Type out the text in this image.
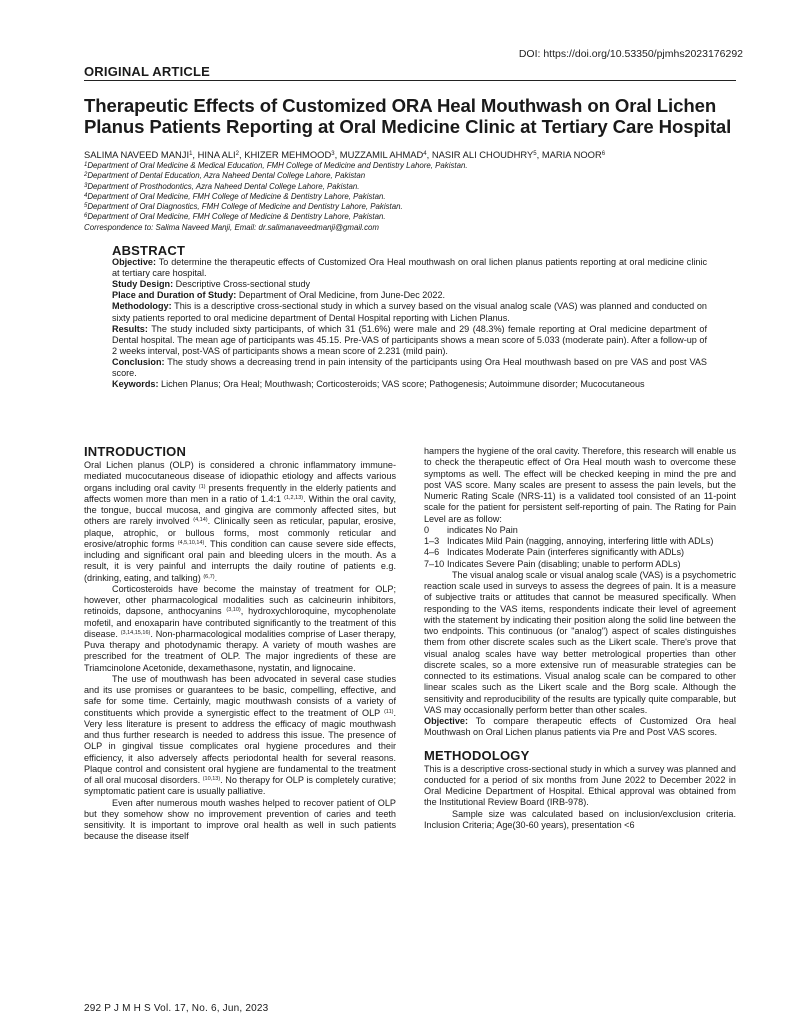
DOI: https://doi.org/10.53350/pjmhs2023176292
ORIGINAL ARTICLE
Therapeutic Effects of Customized ORA Heal Mouthwash on Oral Lichen Planus Patients Reporting at Oral Medicine Clinic at Tertiary Care Hospital
SALIMA NAVEED MANJI$^1$, HINA ALI$^2$, KHIZER MEHMOOD$^3$, MUZZAMIL AHMAD$^4$, NASIR ALI CHOUDHRY$^5$, MARIA NOOR$^6$
$^1$Department of Oral Medicine & Medical Education, FMH College of Medicine and Dentistry Lahore, Pakistan.
$^2$Department of Dental Education, Azra Naheed Dental College Lahore, Pakistan
$^3$Department of Prosthodontics, Azra Naheed Dental College Lahore, Pakistan.
$^4$Department of Oral Medicine, FMH College of Medicine & Dentistry Lahore, Pakistan.
$^5$Department of Oral Diagnostics, FMH College of Medicine and Dentistry Lahore, Pakistan.
$^6$Department of Oral Medicine, FMH College of Medicine & Dentistry Lahore, Pakistan.
Correspondence to: Salima Naveed Manji, Email: dr.salimanaveedmanji@gmail.com
ABSTRACT

Objective: To determine the therapeutic effects of Customized Ora Heal mouthwash on oral lichen planus patients reporting at oral medicine clinic at tertiary care hospital.

Study Design: Descriptive Cross-sectional study

Place and Duration of Study: Department of Oral Medicine, from June-Dec 2022.

Methodology: This is a descriptive cross-sectional study in which a survey based on the visual analog scale (VAS) was planned and conducted on sixty patients reported to oral medicine department of Dental Hospital reporting with Lichen Planus.

Results: The study included sixty participants, of which 31 (51.6%) were male and 29 (48.3%) female reporting at Oral medicine department of Dental hospital. The mean age of participants was 45.15. Pre-VAS of participants shows a mean score of 5.033 (moderate pain). After a follow-up of 2 weeks interval, post-VAS of participants shows a mean score of 2.231 (mild pain).

Conclusion: The study shows a decreasing trend in pain intensity of the participants using Ora Heal mouthwash based on pre VAS and post VAS score.

Keywords: Lichen Planus; Ora Heal; Mouthwash; Corticosteroids; VAS score; Pathogenesis; Autoimmune disorder; Mucocutaneous

INTRODUCTION

Oral Lichen planus (OLP) is considered a chronic inflammatory immune-mediated mucocutaneous disease of idiopathic etiology and affects various organs including oral cavity $^{(1)}$ presents frequently in the elderly patients and affects women more than men in a ratio of 1.4:1 $^{(1,2,13)}$. Within the oral cavity, the tongue, buccal mucosa, and gingiva are commonly affected sites, but others are rarely involved $^{(4,14)}$. Clinically seen as reticular, papular, erosive, plaque, atrophic, or bullous forms, most commonly reticular and erosive/atrophic forms $^{(4,5,10,14)}$. This condition can cause severe side effects, including and significant oral pain and bleeding ulcers in the mouth. As a result, it is very painful and interrupts the daily routine of patients e.g. (drinking, eating, and talking) $^{(6,7)}$.

Corticosteroids have become the mainstay of treatment for OLP; however, other pharmacological modalities such as calcineurin inhibitors, retinoids, dapsone, anthocyanins $^{(3,10)}$, hydroxychloroquine, mycophenolate mofetil, and enoxaparin have contributed significantly to the treatment of this disease. $^{(3,14,15,16)}$. Non-pharmacological modalities comprise of Laser therapy, Puva therapy and photodynamic therapy. A variety of mouth washes are prescribed for the treatment of OLP. The major ingredients of these are Triamcinolone Acetonide, dexamethasone, nystatin, and lignocaine.

The use of mouthwash has been advocated in several case studies and its use promises or guarantees to be basic, compelling, effective, and safe for some time. Certainly, magic mouthwash consists of a variety of constituents which provide a synergistic effect to the treatment of OLP $^{(11)}$. Very less literature is present to address the efficacy of magic mouthwash and thus further research is needed to address this issue. The presence of OLP in gingival tissue complicates oral hygiene procedures and their efficiency, it also adversely affects periodontal health for several reasons. Plaque control and consistent oral hygiene are fundamental to the treatment of all oral mucosal disorders. $^{(10,13)}$. No therapy for OLP is completely curative; symptomatic patient care is usually palliative.

Even after numerous mouth washes helped to recover patient of OLP but they somehow show no improvement prevention of caries and teeth sensitivity. It is important to improve oral health as well in such patients because the disease itself

hampers the hygiene of the oral cavity. Therefore, this research will enable us to check the therapeutic effect of Ora Heal mouth wash to overcome these symptoms as well. The effect will be checked keeping in mind the pre and post VAS score. Many scales are present to assess the pain levels, but the Numeric Rating Scale (NRS-11) is a validated tool consisted of an 11-point scale for the patient for persistent self-reporting of pain. The Rating for Pain Level are as follow:

0	indicates No Pain
1–3 Indicates Mild Pain (nagging, annoying, interfering little with ADLs)
4–6 Indicates Moderate Pain (interferes significantly with ADLs)
7–10 Indicates Severe Pain (disabling; unable to perform ADLs)

The visual analog scale or visual analog scale (VAS) is a psychometric reaction scale used in surveys to assess the degrees of pain. It is a measure of subjective traits or attitudes that cannot be measured specifically. When responding to the VAS items, respondents indicate their level of agreement with the statement by indicating their position along the solid line between the two endpoints. This continuous (or "analog") aspect of scales distinguishes them from other discrete scales such as the Likert scale. There's prove that visual analog scales have way better metrological properties than other discrete scales, so a more extensive run of measurable strategies can be connected to its estimations. Visual analog scale can be compared to other linear scales such as the Likert scale and the Borg scale. Although the sensitivity and reproducibility of the results are typically quite comparable, but VAS may occasionally perform better than other scales.

Objective: To compare therapeutic effects of Customized Ora heal Mouthwash on Oral Lichen planus patients via Pre and Post VAS scores.

METHODOLOGY

This is a descriptive cross-sectional study in which a survey was planned and conducted for a period of six months from June 2022 to December 2022 in Oral Medicine Department of Hospital. Ethical approval was obtained from the Institutional Review Board (IRB-978).

Sample size was calculated based on inclusion/exclusion criteria. Inclusion Criteria; Age(30-60 years), presentation <6

292 P J M H S Vol. 17, No. 6, Jun, 2023
